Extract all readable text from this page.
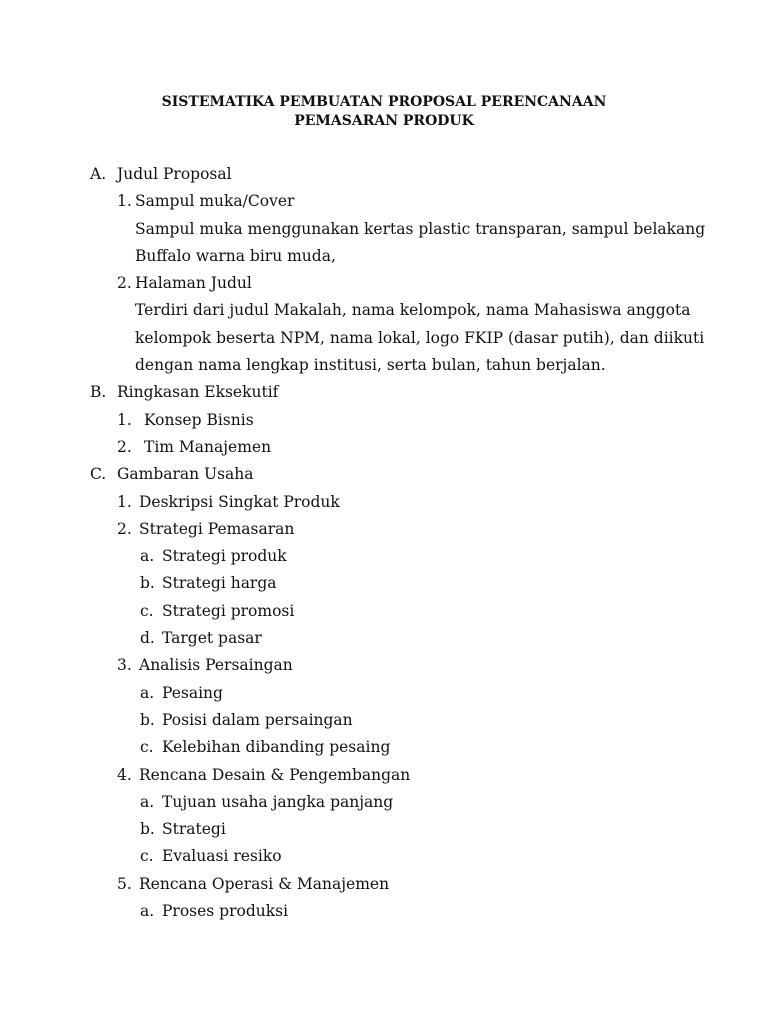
SISTEMATIKA PEMBUATAN PROPOSAL PERENCANAAN
PEMASARAN PRODUK
A. Judul Proposal
1. Sampul muka/Cover
Sampul muka menggunakan kertas plastic transparan, sampul belakang
Buffalo warna biru muda,
2. Halaman Judul
Terdiri dari judul Makalah, nama kelompok, nama Mahasiswa anggota
kelompok beserta NPM, nama lokal, logo FKIP (dasar putih), dan diikuti
dengan nama lengkap institusi, serta bulan, tahun berjalan.
B. Ringkasan Eksekutif
1. Konsep Bisnis
2. Tim Manajemen
C. Gambaran Usaha
1. Deskripsi Singkat Produk
2. Strategi Pemasaran
a. Strategi produk
b. Strategi harga
c. Strategi promosi
d. Target pasar
3. Analisis Persaingan
a. Pesaing
b. Posisi dalam persaingan
c. Kelebihan dibanding pesaing
4. Rencana Desain & Pengembangan
a. Tujuan usaha jangka panjang
b. Strategi
c. Evaluasi resiko
5. Rencana Operasi & Manajemen
a. Proses produksi
